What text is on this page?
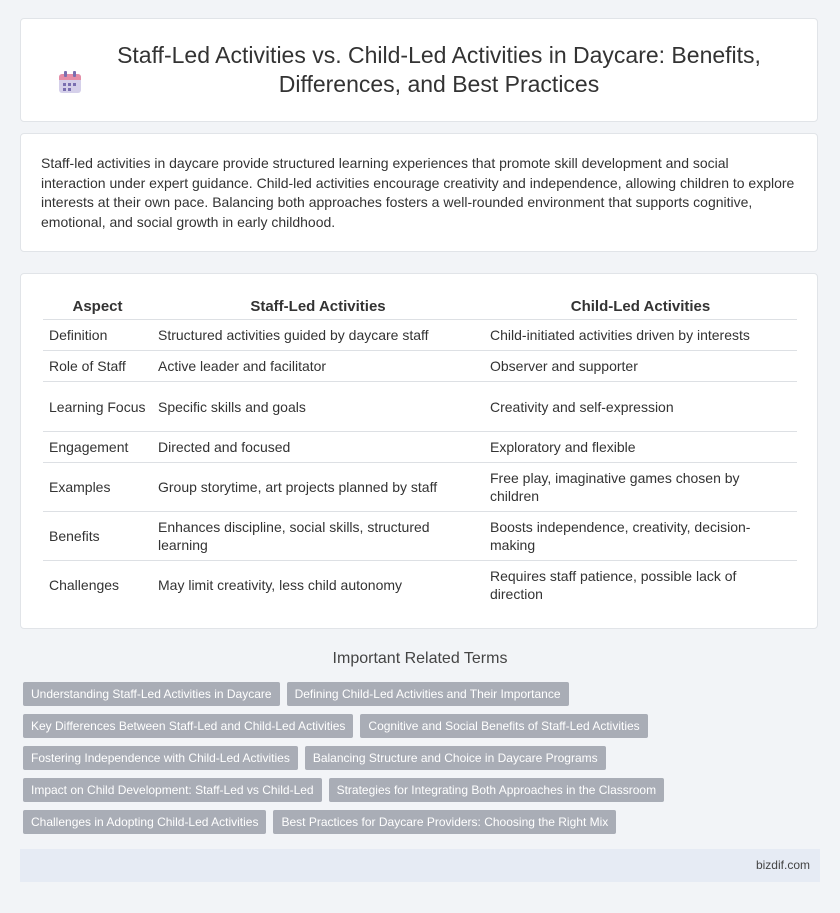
Staff-Led Activities vs. Child-Led Activities in Daycare: Benefits, Differences, and Best Practices

Staff-led activities in daycare provide structured learning experiences that promote skill development and social interaction under expert guidance. Child-led activities encourage creativity and independence, allowing children to explore interests at their own pace. Balancing both approaches fosters a well-rounded environment that supports cognitive, emotional, and social growth in early childhood.

Aspect	Staff-Led Activities	Child-Led Activities
Definition	Structured activities guided by daycare staff	Child-initiated activities driven by interests
Role of Staff	Active leader and facilitator	Observer and supporter
Learning Focus	Specific skills and goals	Creativity and self-expression
Engagement	Directed and focused	Exploratory and flexible
Examples	Group storytime, art projects planned by staff	Free play, imaginative games chosen by children
Benefits	Enhances discipline, social skills, structured learning	Boosts independence, creativity, decision-making
Challenges	May limit creativity, less child autonomy	Requires staff patience, possible lack of direction
Important Related Terms
Understanding Staff-Led Activities in Daycare	Defining Child-Led Activities and Their Importance
Key Differences Between Staff-Led and Child-Led Activities	Cognitive and Social Benefits of Staff-Led Activities
Fostering Independence with Child-Led Activities	Balancing Structure and Choice in Daycare Programs
Impact on Child Development: Staff-Led vs Child-Led	Strategies for Integrating Both Approaches in the Classroom
Challenges in Adopting Child-Led Activities	Best Practices for Daycare Providers: Choosing the Right Mix
bizdif.com
